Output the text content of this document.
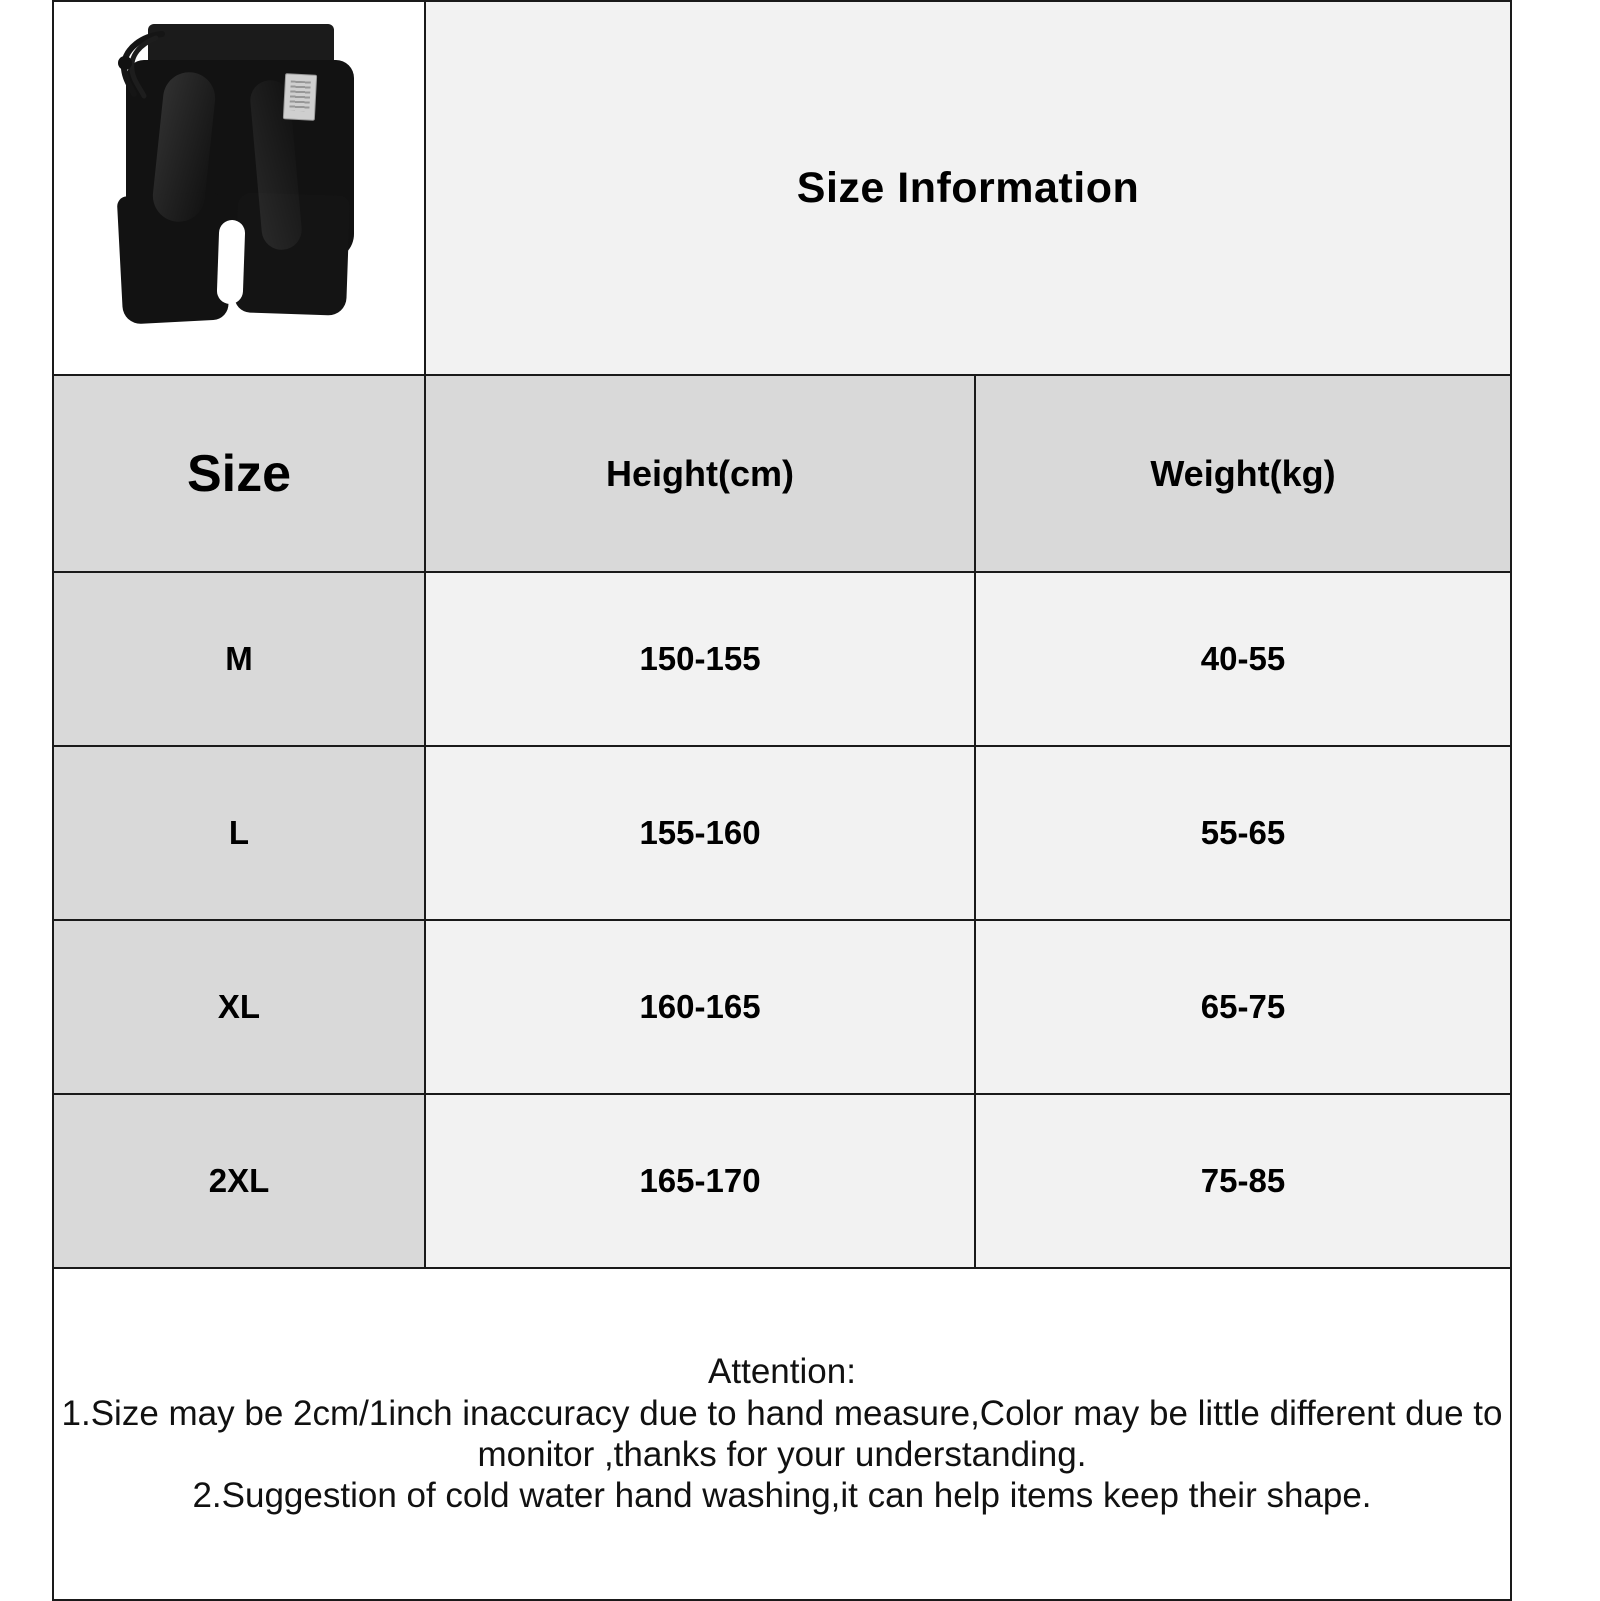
	Size Information	
Size	Height(cm)	Weight(kg)
M	150-155	40-55
L	155-160	55-65
XL	160-165	65-75
2XL	165-170	75-85

Attention:
1.Size may be 2cm/1inch inaccuracy due to hand measure,Color may be little different due to monitor ,thanks for your understanding.
2.Suggestion of cold water hand washing,it can help items keep their shape.		
